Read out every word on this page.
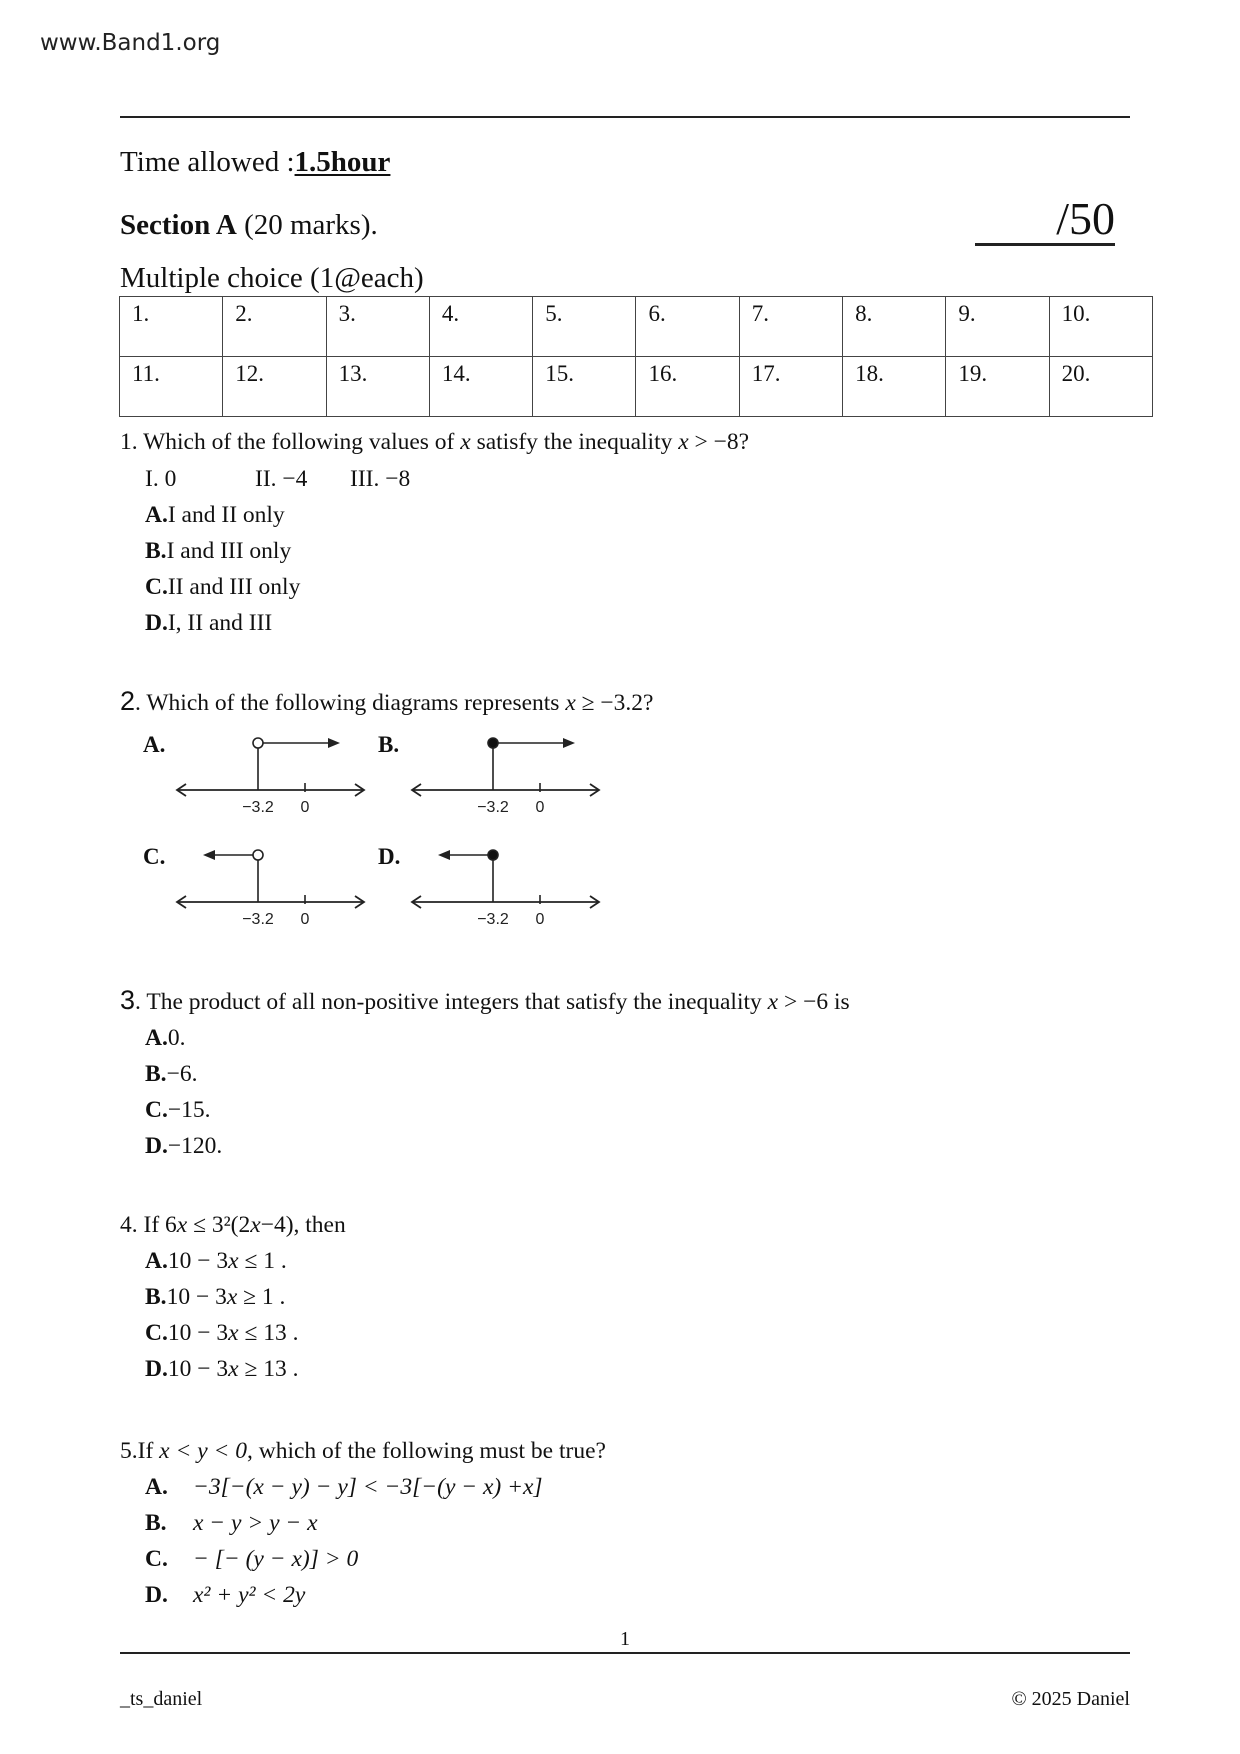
www.Band1.org
Time allowed :1.5hour
Section A (20 marks).	/50
Multiple choice (1@each)
1.	2.	3.	4.	5.	6.	7.	8.	9.	10.
11.	12.	13.	14.	15.	16.	17.	18.	19.	20.
1. Which of the following values of x satisfy the inequality x > −8?
I. 0	II. −4 III. −8
A.I and II only
B.I and III only
C.II and III only
D.I, II and III
2. Which of the following diagrams represents x ≥ −3.2?
A.
−3.2 0
B.
−3.2 0
C.
−3.2 0
D.
−3.2 0
3. The product of all non-positive integers that satisfy the inequality x > −6 is
A.0.
B.−6.
C.−15.
D.−120.
4. If 6x ≤ 3²(2x−4), then
A.10 − 3x ≤ 1 .
B.10 − 3x ≥ 1 .
C.10 − 3x ≤ 13 .
D.10 − 3x ≥ 13 .
5.If x < y < 0, which of the following must be true?
A. −3[−(x − y) − y] < −3[−(y − x) +x]
B. x − y > y − x
C. − [− (y − x)] > 0
D. x² + y² < 2y
1
_ts_daniel	© 2025 Daniel
